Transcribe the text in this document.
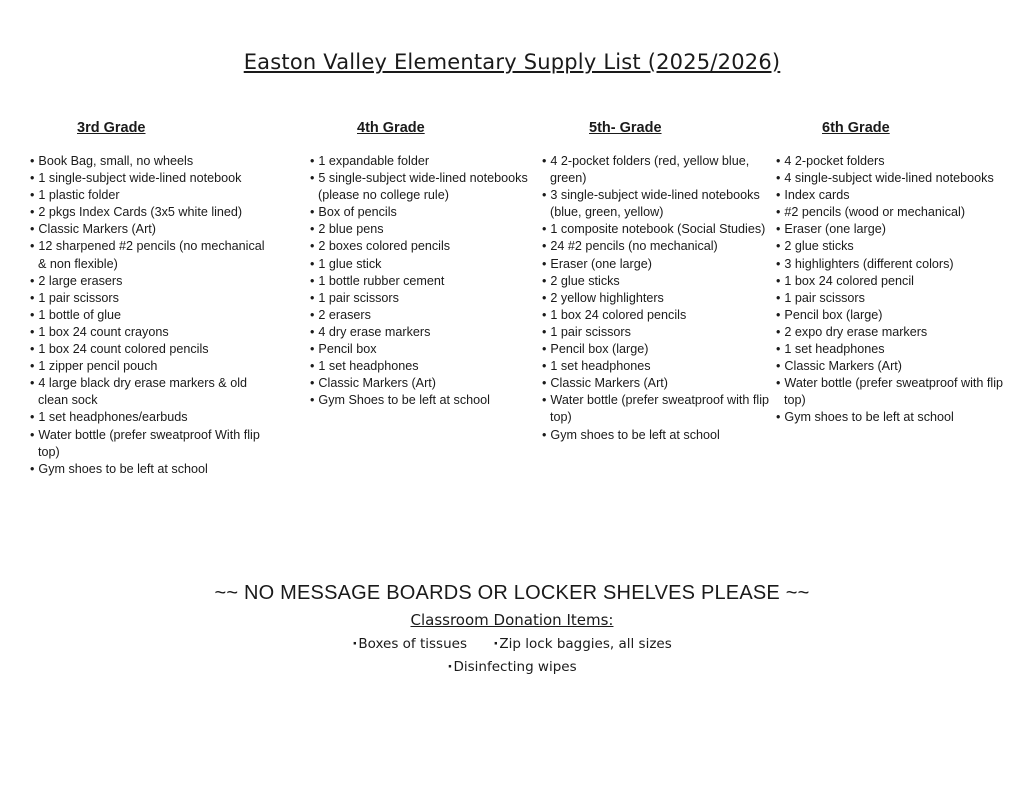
Easton Valley Elementary Supply List (2025/2026)
3rd Grade
• Book Bag, small, no wheels
• 1 single-subject wide-lined notebook
• 1 plastic folder
• 2 pkgs Index Cards (3x5 white lined)
• Classic Markers (Art)
• 12 sharpened #2 pencils (no mechanical & non flexible)
• 2 large erasers
• 1 pair scissors
• 1 bottle of glue
• 1 box 24 count crayons
• 1 box 24 count colored pencils
• 1 zipper pencil pouch
• 4 large black dry erase markers & old clean sock
• 1 set headphones/earbuds
• Water bottle (prefer sweatproof With flip top)
• Gym shoes to be left at school
4th Grade
• 1 expandable folder
• 5 single-subject wide-lined notebooks (please no college rule)
• Box of pencils
• 2 blue pens
• 2 boxes colored pencils
• 1 glue stick
• 1 bottle rubber cement
• 1 pair scissors
• 2 erasers
• 4 dry erase markers
• Pencil box
• 1 set headphones
• Classic Markers (Art)
• Gym Shoes to be left at school
5th- Grade
• 4 2-pocket folders (red, yellow blue, green)
• 3 single-subject wide-lined notebooks (blue, green, yellow)
• 1 composite notebook (Social Studies)
• 24 #2 pencils (no mechanical)
• Eraser (one large)
• 2 glue sticks
• 2 yellow highlighters
• 1 box 24 colored pencils
• 1 pair scissors
• Pencil box (large)
• 1 set headphones
• Classic Markers (Art)
• Water bottle (prefer sweatproof with flip top)
• Gym shoes to be left at school
6th Grade
• 4 2-pocket folders
• 4 single-subject wide-lined notebooks
• Index cards
• #2 pencils (wood or mechanical)
• Eraser (one large)
• 2 glue sticks
• 3 highlighters (different colors)
• 1 box 24 colored pencil
• 1 pair scissors
• Pencil box (large)
• 2 expo dry erase markers
• 1 set headphones
• Classic Markers (Art)
• Water bottle (prefer sweatproof with flip top)
• Gym shoes to be left at school

~~ NO MESSAGE BOARDS OR LOCKER SHELVES PLEASE ~~

Classroom Donation Items:
· Boxes of tissues · Zip lock baggies, all sizes
· Disinfecting wipes
